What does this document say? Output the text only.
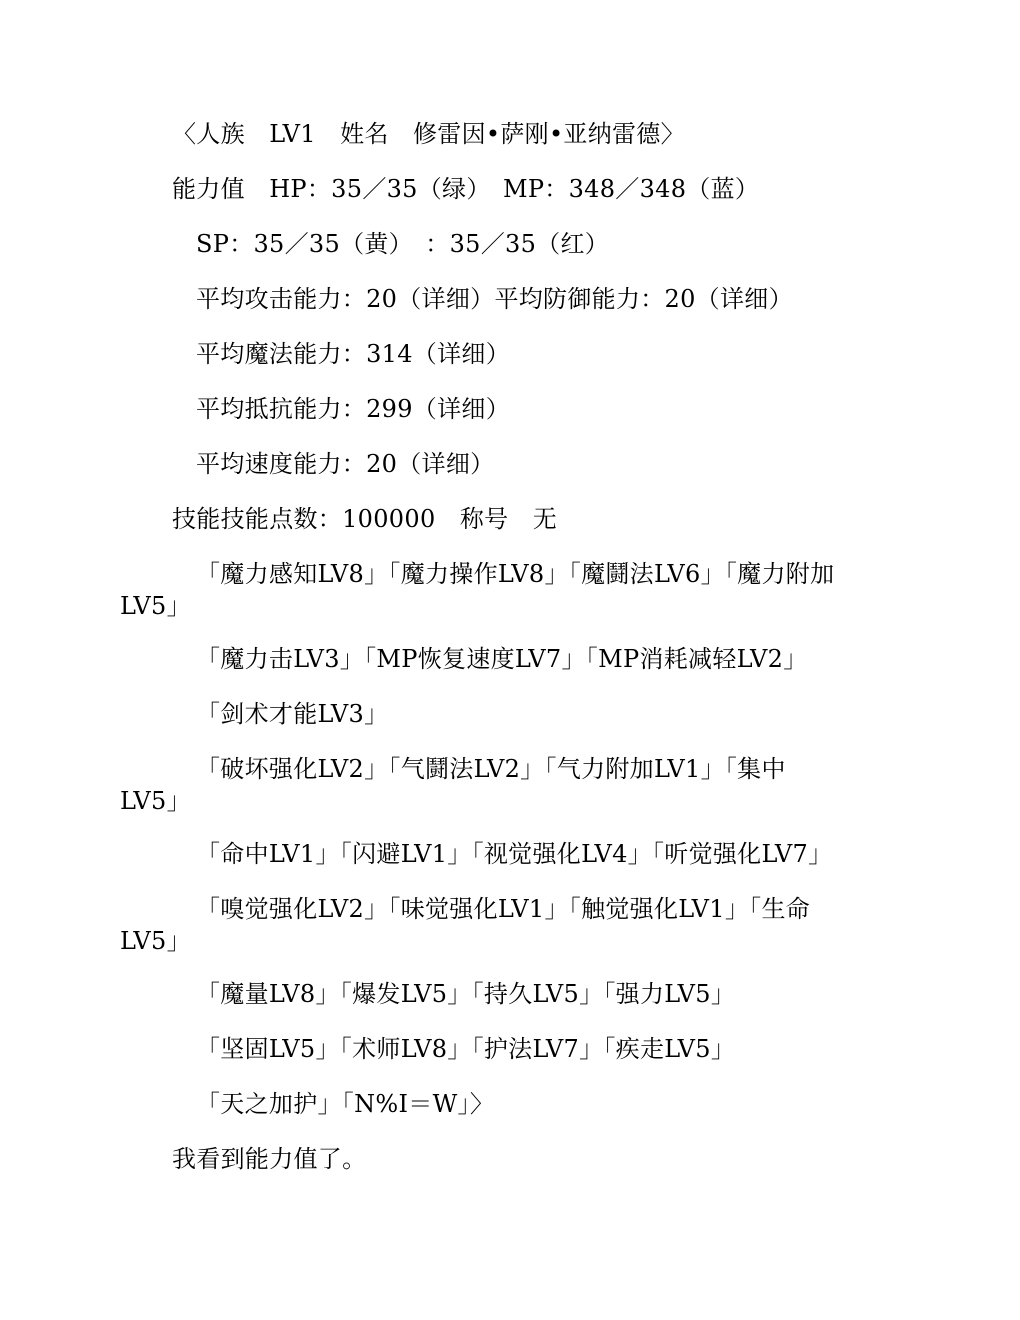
〈人族　LV1　姓名　修雷因•萨刚•亚纳雷德〉
能力值　HP：35／35（绿）　MP：348／348（蓝）
SP：35／35（黄）　：35／35（红）
平均攻击能力：20（详细）平均防御能力：20（详细）
平均魔法能力：314（详细）
平均抵抗能力：299（详细）
平均速度能力：20（详细）
技能技能点数：100000　称号　无
「魔力感知LV8」「魔力操作LV8」「魔鬪法LV6」「魔力附加
LV5」
「魔力击LV3」「MP恢复速度LV7」「MP消耗减轻LV2」
「剑术才能LV3」
「破坏强化LV2」「气鬪法LV2」「气力附加LV1」「集中
LV5」
「命中LV1」「闪避LV1」「视觉强化LV4」「听觉强化LV7」
「嗅觉强化LV2」「味觉强化LV1」「触觉强化LV1」「生命
LV5」
「魔量LV8」「爆发LV5」「持久LV5」「强力LV5」
「坚固LV5」「术师LV8」「护法LV7」「疾走LV5」
「天之加护」「N%I＝W」〉
我看到能力值了。
